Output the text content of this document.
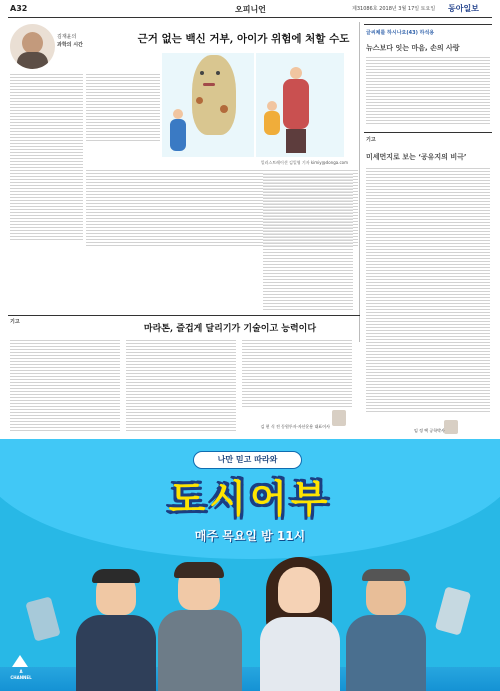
A32	오피니언	제31086호 2018년 3월 17일 토요일 동아일보
김재윤의
과학의 시간	근거 없는 백신 거부, 아이가 위험에 처할 수도
일러스트레이션 김일영 기자 kimiy@donga.com
글씨체를 하시나요(43) 하석용
뉴스보다 잇는 마음, 손의 사랑
기고
미세먼지로 보는 ‘공유지의 비극’
임 정 택 공학박사
기고
마라톤, 즐겁게 달리기가 기술이고 능력이다
김 현 식 전 동원투자·자산운용 대표이사
나만 믿고 따라와
도시어부
매주 목요일 밤 11시
A
CHANNEL
